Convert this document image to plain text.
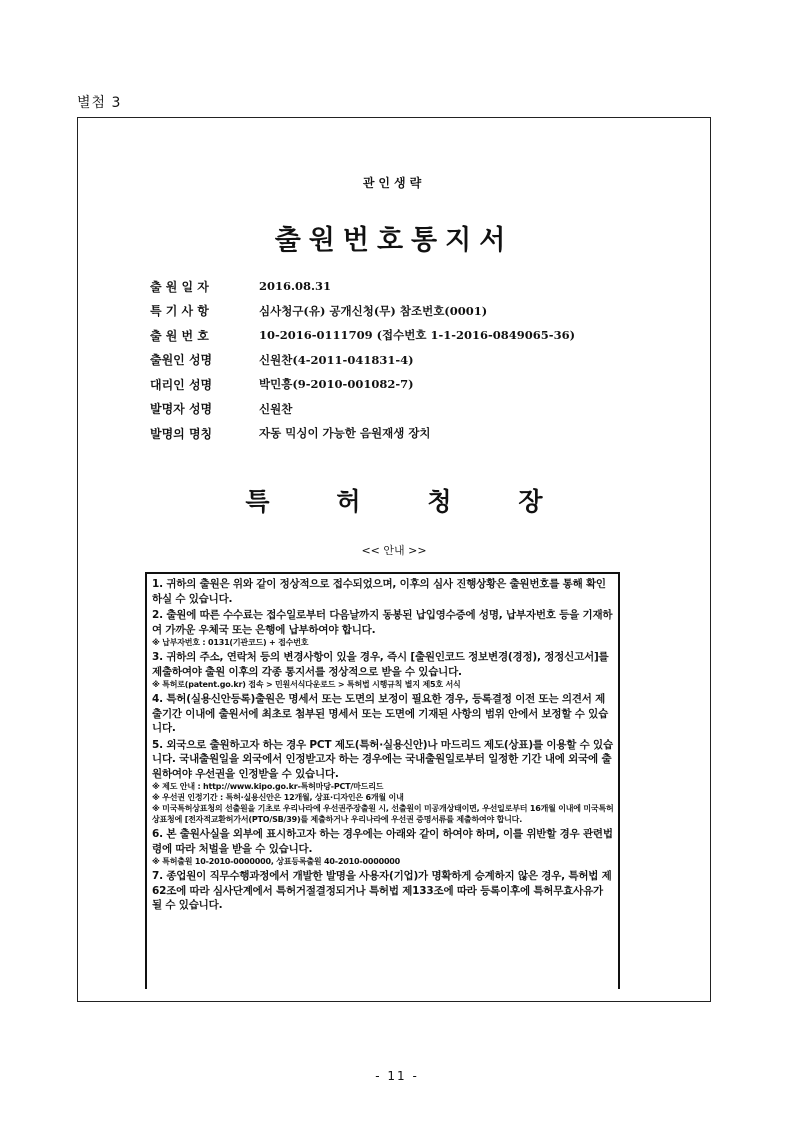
별첨 3
관인생략
출원번호통지서
출 원 일 자	2016.08.31
특 기 사 항	심사청구(유) 공개신청(무) 참조번호(0001)
출 원 번 호	10-2016-0111709 (접수번호 1-1-2016-0849065-36)
출원인 성명	신원찬(4-2011-041831-4)
대리인 성명	박민흥(9-2010-001082-7)
발명자 성명	신원찬
발명의 명칭	자동 믹싱이 가능한 음원재생 장치
특	허	청	장
<< 안내 >>
1. 귀하의 출원은 위와 같이 정상적으로 접수되었으며, 이후의 심사 진행상황은 출원번호를 통해 확인하실 수 있습니다.
2. 출원에 따른 수수료는 접수일로부터 다음날까지 동봉된 납입영수증에 성명, 납부자번호 등을 기재하여 가까운 우체국 또는 은행에 납부하여야 합니다.
※ 납부자번호 : 0131(기관코드) + 접수번호
3. 귀하의 주소, 연락처 등의 변경사항이 있을 경우, 즉시 [출원인코드 정보변경(경정), 정정신고서]를 제출하여야 출원 이후의 각종 통지서를 정상적으로 받을 수 있습니다.
※ 특허로(patent.go.kr) 접속 > 민원서식다운로드 > 특허법 시행규칙 별지 제5호 서식
4. 특허(실용신안등록)출원은 명세서 또는 도면의 보정이 필요한 경우, 등록결정 이전 또는 의견서 제출기간 이내에 출원서에 최초로 첨부된 명세서 또는 도면에 기재된 사항의 범위 안에서 보정할 수 있습니다.
5. 외국으로 출원하고자 하는 경우 PCT 제도(특허·실용신안)나 마드리드 제도(상표)를 이용할 수 있습니다. 국내출원일을 외국에서 인정받고자 하는 경우에는 국내출원일로부터 일정한 기간 내에 외국에 출원하여야 우선권을 인정받을 수 있습니다.
※ 제도 안내 : http://www.kipo.go.kr-특허마당-PCT/마드리드
※ 우선권 인정기간 : 특허·실용신안은 12개월, 상표·디자인은 6개월 이내
※ 미국특허상표청의 선출원을 기초로 우리나라에 우선권주장출원 시, 선출원이 미공개상태이면, 우선일로부터 16개월 이내에 미국특허상표청에 [전자적교환허가서(PTO/SB/39)를 제출하거나 우리나라에 우선권 증명서류를 제출하여야 합니다.
6. 본 출원사실을 외부에 표시하고자 하는 경우에는 아래와 같이 하여야 하며, 이를 위반할 경우 관련법령에 따라 처벌을 받을 수 있습니다.
※ 특허출원 10-2010-0000000, 상표등록출원 40-2010-0000000
7. 종업원이 직무수행과정에서 개발한 발명을 사용자(기업)가 명확하게 승계하지 않은 경우, 특허법 제62조에 따라 심사단계에서 특허거절결정되거나 특허법 제133조에 따라 등록이후에 특허무효사유가 될 수 있습니다.
- 11 -
